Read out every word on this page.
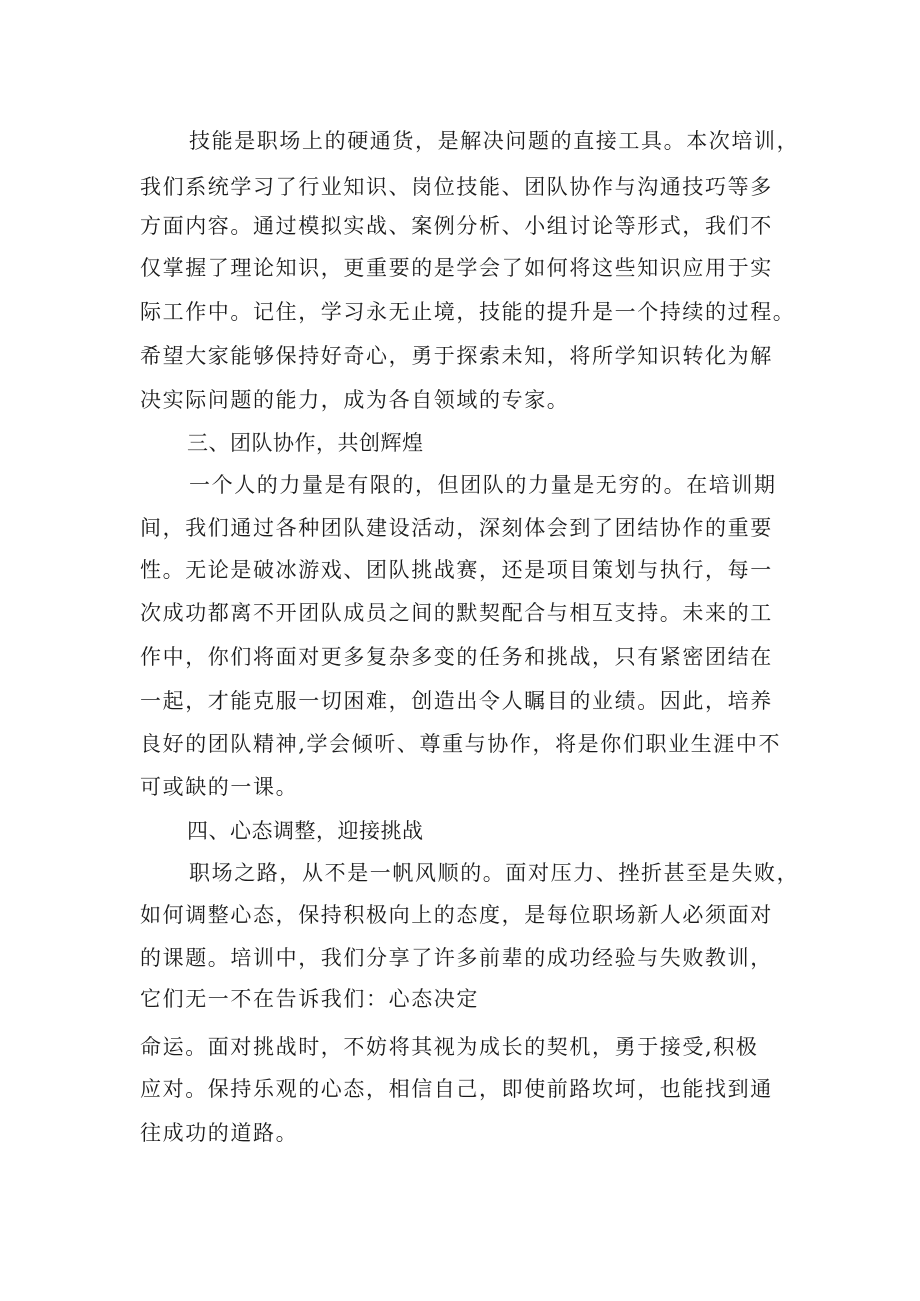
技能是职场上的硬通货，是解决问题的直接工具。本次培训，
我们系统学习了行业知识、岗位技能、团队协作与沟通技巧等多
方面内容。通过模拟实战、案例分析、小组讨论等形式，我们不
仅掌握了理论知识，更重要的是学会了如何将这些知识应用于实
际工作中。记住，学习永无止境，技能的提升是一个持续的过程。
希望大家能够保持好奇心，勇于探索未知，将所学知识转化为解
决实际问题的能力，成为各自领域的专家。
三、团队协作，共创辉煌
一个人的力量是有限的，但团队的力量是无穷的。在培训期
间，我们通过各种团队建设活动，深刻体会到了团结协作的重要
性。无论是破冰游戏、团队挑战赛，还是项目策划与执行，每一
次成功都离不开团队成员之间的默契配合与相互支持。未来的工
作中，你们将面对更多复杂多变的任务和挑战，只有紧密团结在
一起，才能克服一切困难，创造出令人瞩目的业绩。因此，培养
良好的团队精神,学会倾听、尊重与协作，将是你们职业生涯中不
可或缺的一课。
四、心态调整，迎接挑战
职场之路，从不是一帆风顺的。面对压力、挫折甚至是失败，
如何调整心态，保持积极向上的态度，是每位职场新人必须面对
的课题。培训中，我们分享了许多前辈的成功经验与失败教训，
它们无一不在告诉我们：心态决定
命运。面对挑战时，不妨将其视为成长的契机，勇于接受,积极
应对。保持乐观的心态，相信自己，即使前路坎坷，也能找到通
往成功的道路。
